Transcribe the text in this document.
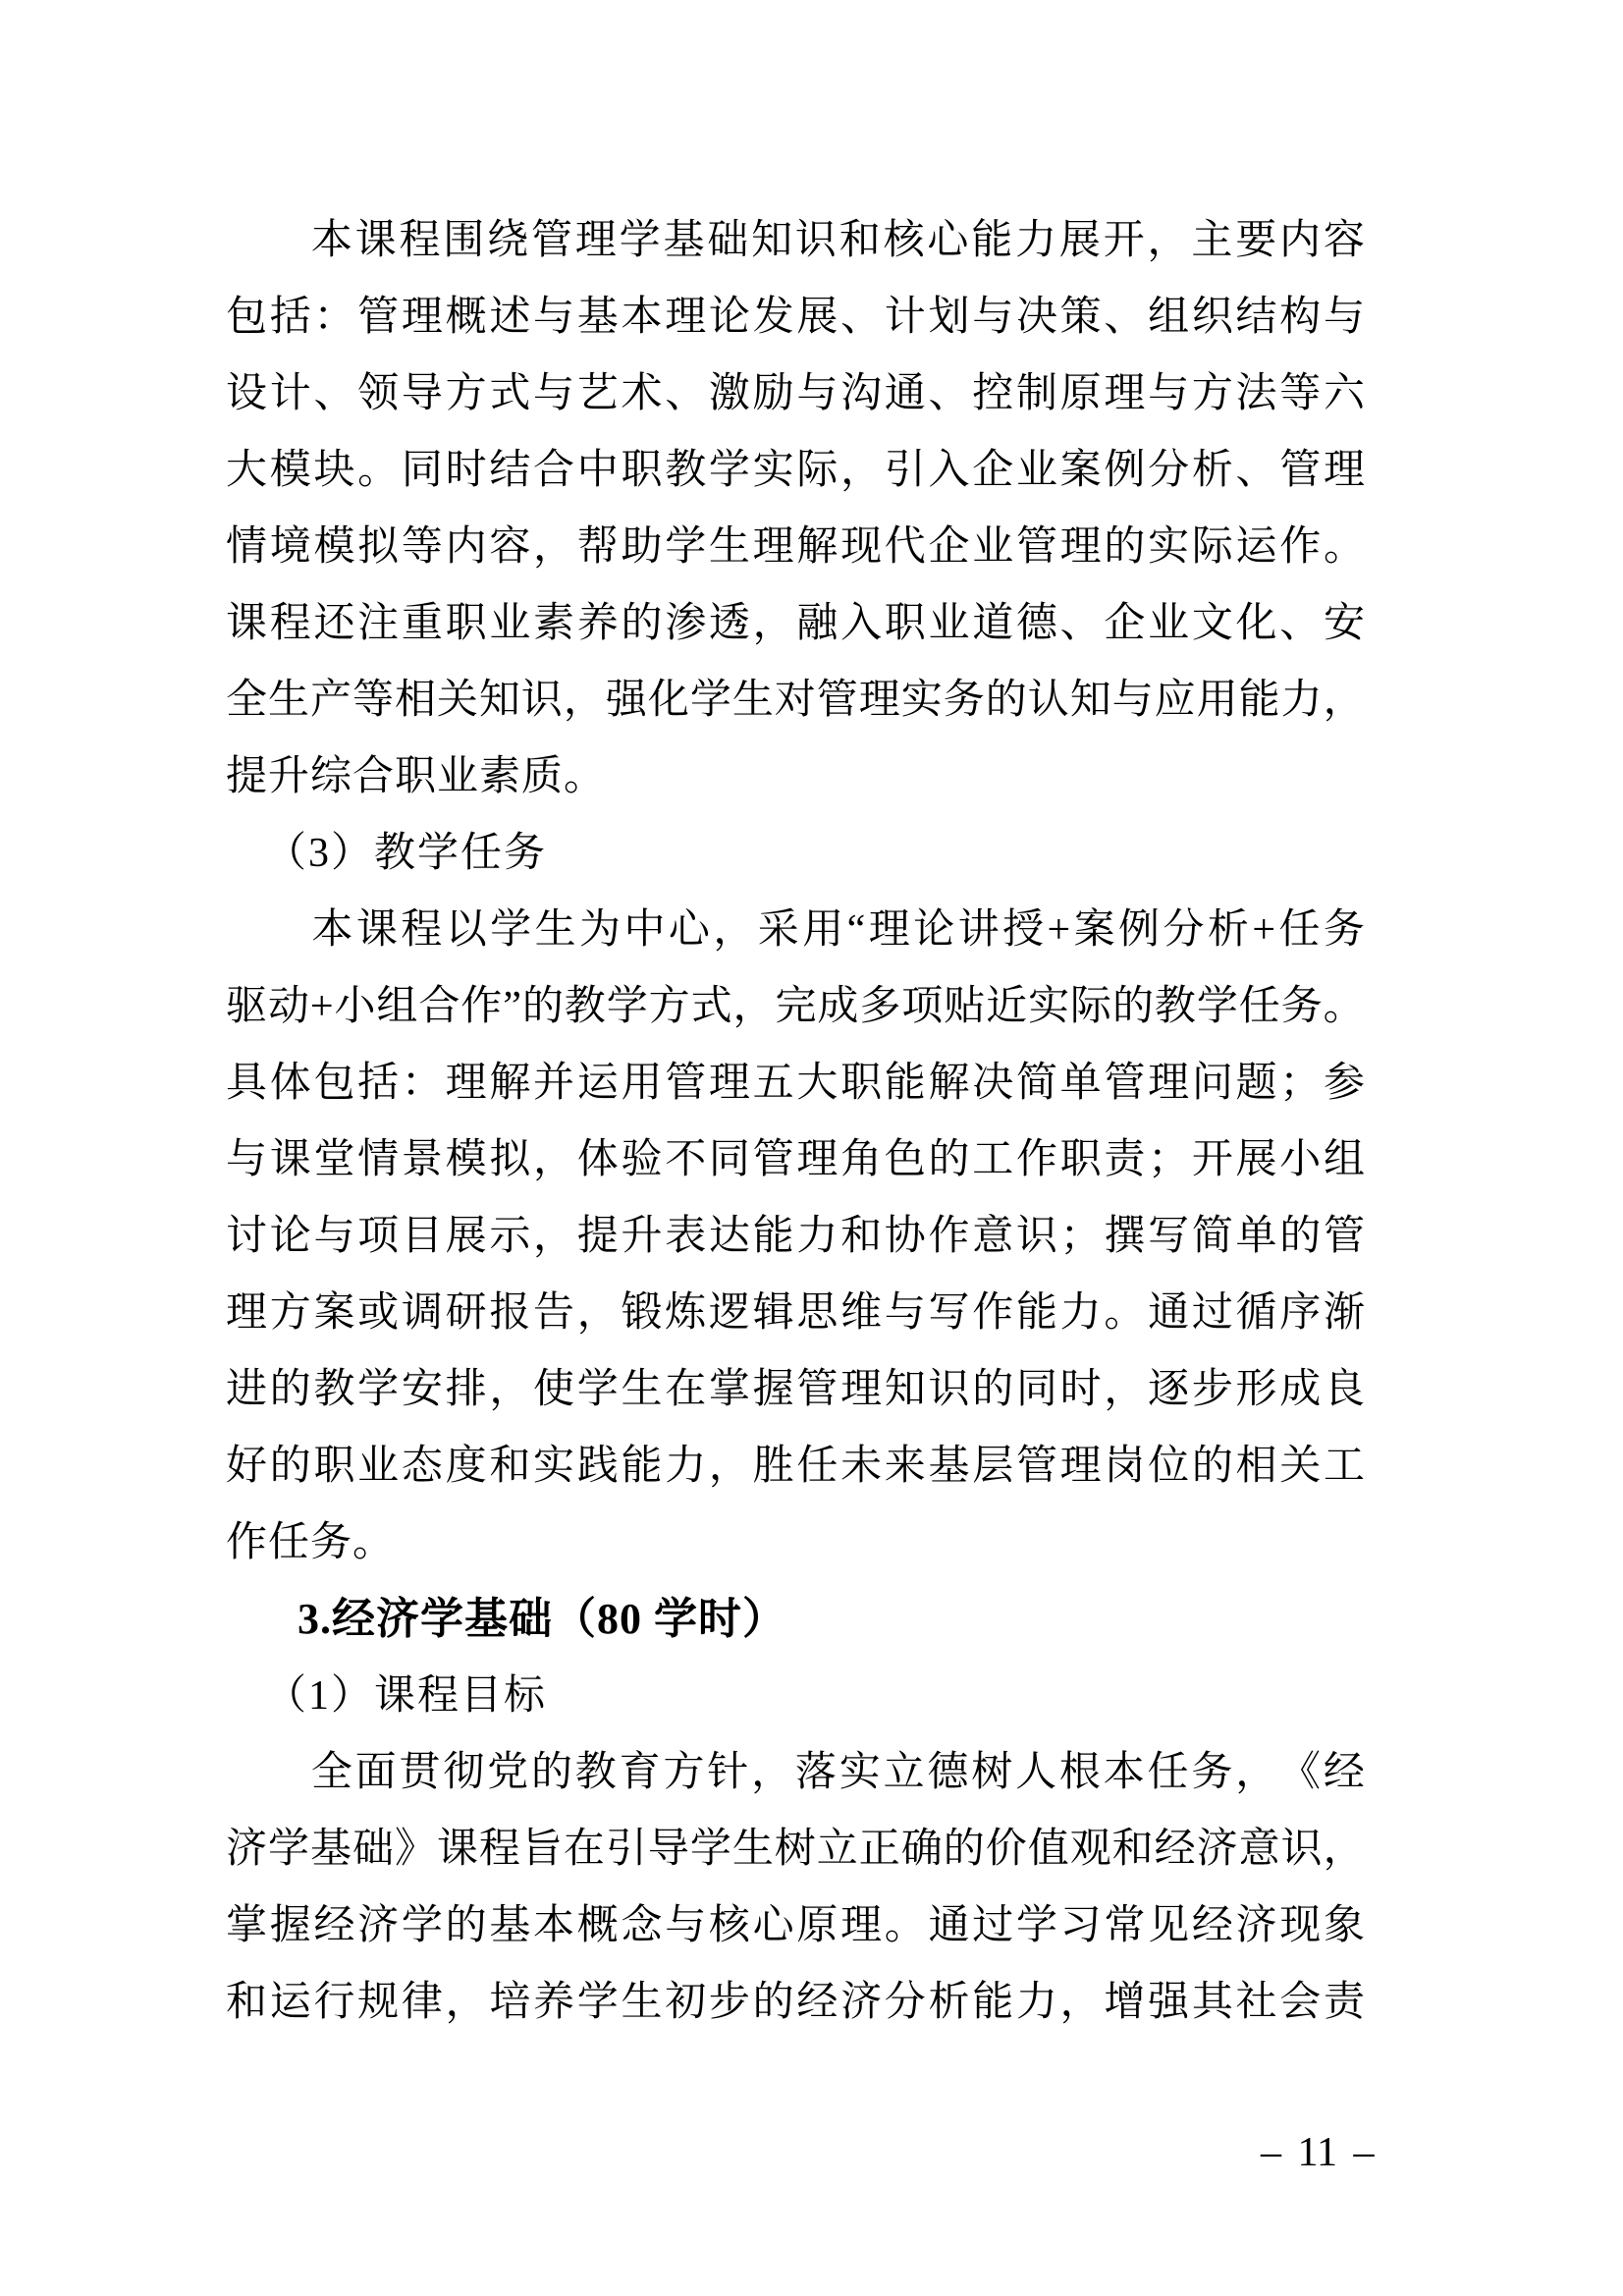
本 课 程 围 绕 管 理 学 基 础 知 识 和 核 心 能 力 展 开 ， 主 要 内 容
包 括 ： 管 理 概 述 与 基 本 理 论 发 展 、 计 划 与 决 策 、 组 织 结 构 与
设 计 、 领 导 方 式 与 艺 术 、 激 励 与 沟 通 、 控 制 原 理 与 方 法 等 六
大 模 块 。 同 时 结 合 中 职 教 学 实 际 ， 引 入 企 业 案 例 分 析 、 管 理
情 境 模 拟 等 内 容 ， 帮 助 学 生 理 解 现 代 企 业 管 理 的 实 际 运 作 。
课 程 还 注 重 职 业 素 养 的 渗 透 ， 融 入 职 业 道 德 、 企 业 文 化 、 安
全 生 产 等 相 关 知 识 ， 强 化 学 生 对 管 理 实 务 的 认 知 与 应 用 能 力 ，
提升综合职业素质。
（3）教学任务
本 课 程 以 学 生 为 中 心 ， 采 用 “ 理 论 讲 授 + 案 例 分 析 + 任 务
驱 动 + 小 组 合 作 ” 的 教 学 方 式 ， 完 成 多 项 贴 近 实 际 的 教 学 任 务 。
具 体 包 括 ： 理 解 并 运 用 管 理 五 大 职 能 解 决 简 单 管 理 问 题 ； 参
与 课 堂 情 景 模 拟 ， 体 验 不 同 管 理 角 色 的 工 作 职 责 ； 开 展 小 组
讨 论 与 项 目 展 示 ， 提 升 表 达 能 力 和 协 作 意 识 ； 撰 写 简 单 的 管
理 方 案 或 调 研 报 告 ， 锻 炼 逻 辑 思 维 与 写 作 能 力 。 通 过 循 序 渐
进 的 教 学 安 排 ， 使 学 生 在 掌 握 管 理 知 识 的 同 时 ， 逐 步 形 成 良
好 的 职 业 态 度 和 实 践 能 力 ， 胜 任 未 来 基 层 管 理 岗 位 的 相 关 工
作任务。
3.经济学基础（80 学时）
（1）课程目标
全 面 贯 彻 党 的 教 育 方 针 ， 落 实 立 德 树 人 根 本 任 务 ， 《 经
济 学 基 础 》 课 程 旨 在 引 导 学 生 树 立 正 确 的 价 值 观 和 经 济 意 识 ，
掌 握 经 济 学 的 基 本 概 念 与 核 心 原 理 。 通 过 学 习 常 见 经 济 现 象
和 运 行 规 律 ， 培 养 学 生 初 步 的 经 济 分 析 能 力 ， 增 强 其 社 会 责
– 11 –
